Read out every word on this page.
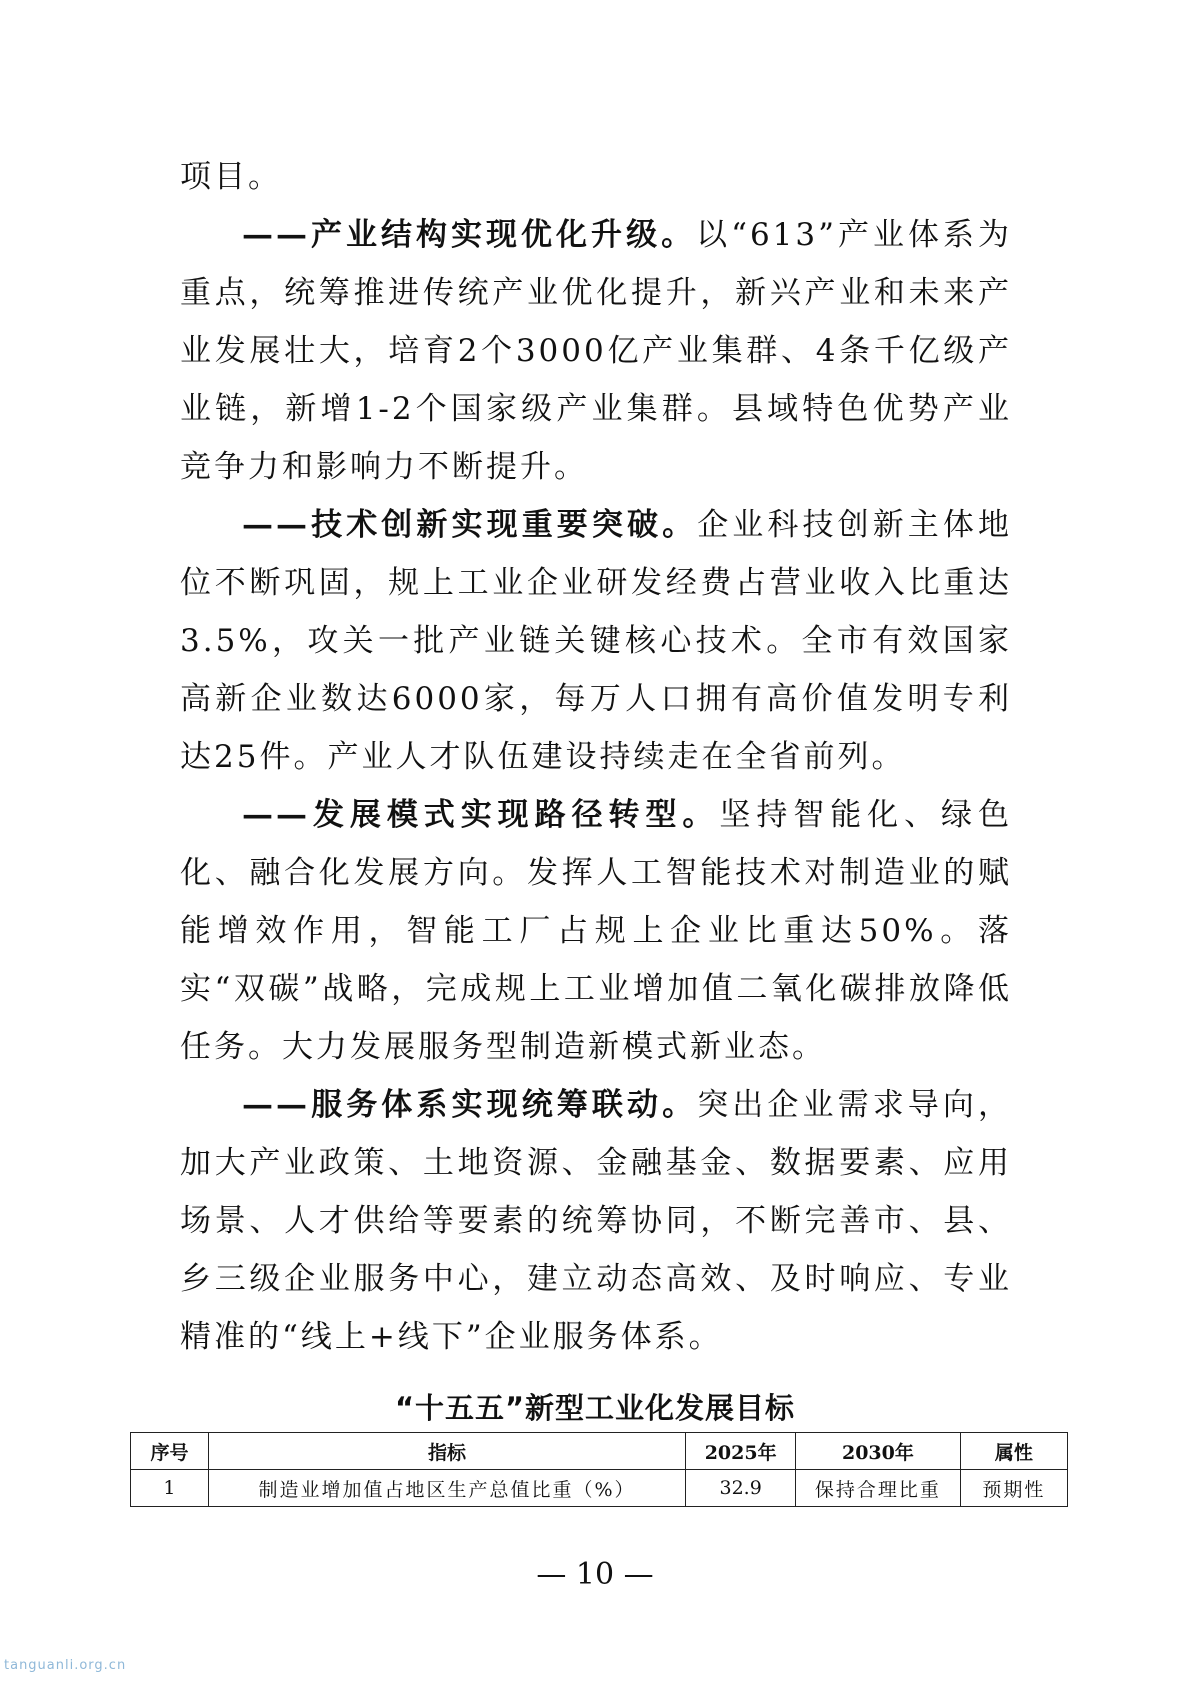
项目。

——产业结构实现优化升级。以“613”产业体系为重点，统筹推进传统产业优化提升，新兴产业和未来产业发展壮大，培育2个3000亿产业集群、4条千亿级产业链，新增1-2个国家级产业集群。县域特色优势产业竞争力和影响力不断提升。

——技术创新实现重要突破。企业科技创新主体地位不断巩固，规上工业企业研发经费占营业收入比重达3.5%，攻关一批产业链关键核心技术。全市有效国家高新企业数达6000家，每万人口拥有高价值发明专利达25件。产业人才队伍建设持续走在全省前列。

——发展模式实现路径转型。坚持智能化、绿色化、融合化发展方向。发挥人工智能技术对制造业的赋能增效作用，智能工厂占规上企业比重达50%。落实“双碳”战略，完成规上工业增加值二氧化碳排放降低任务。大力发展服务型制造新模式新业态。

——服务体系实现统筹联动。突出企业需求导向，加大产业政策、土地资源、金融基金、数据要素、应用场景、人才供给等要素的统筹协同，不断完善市、县、乡三级企业服务中心，建立动态高效、及时响应、专业精准的“线上+线下”企业服务体系。

“十五五”新型工业化发展目标
序号	指标	2025年	2030年	属性
1	制造业增加值占地区生产总值比重（%）	32.9	保持合理比重	预期性
— 10 —
tanguanli.org.cn
